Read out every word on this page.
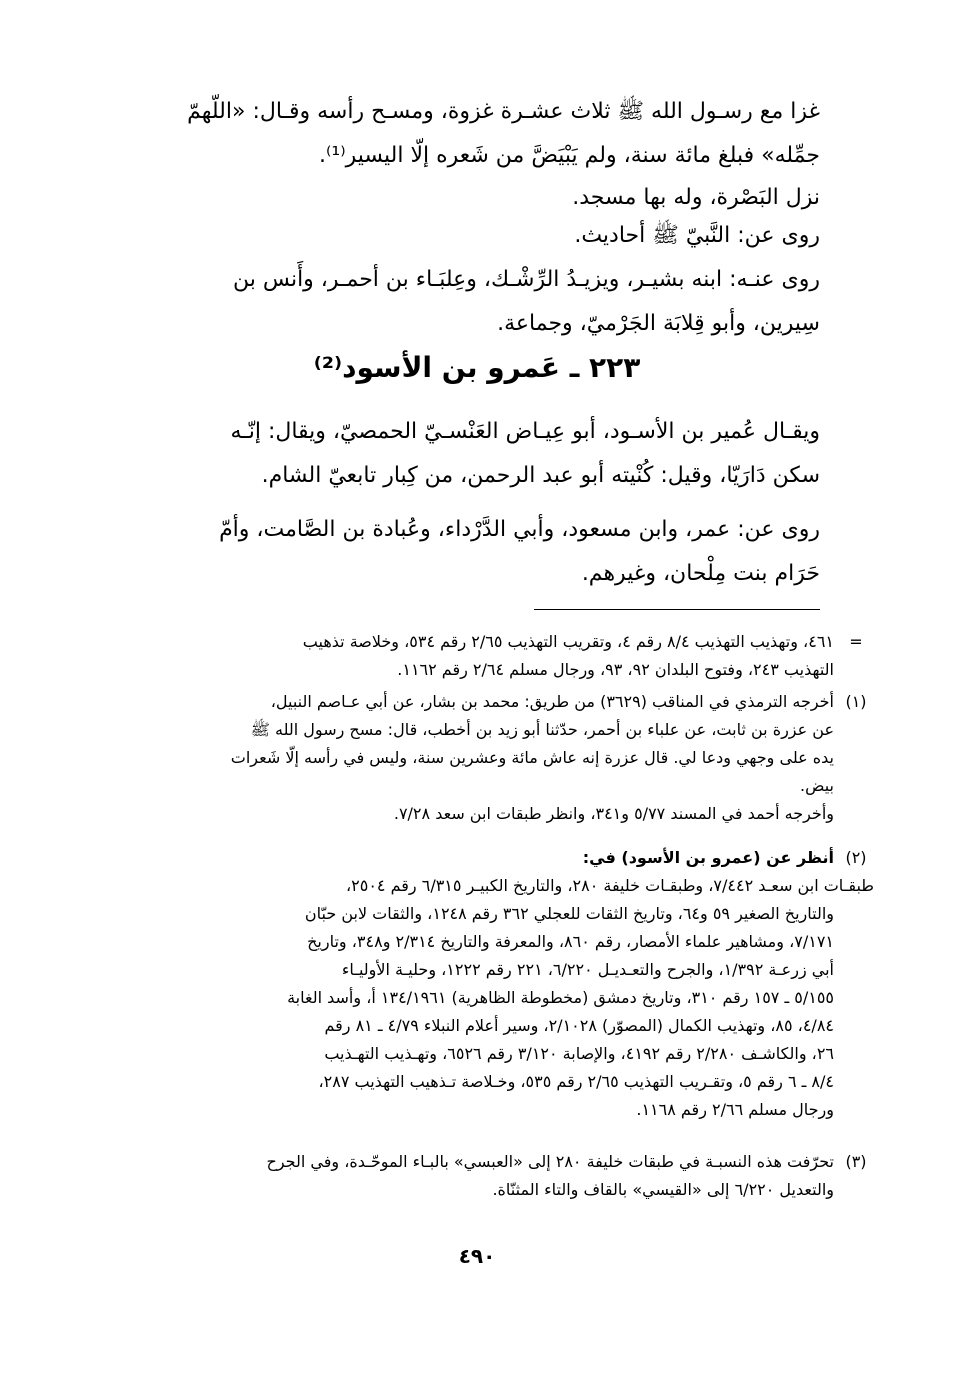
غزا مع رسـول الله ﷺ ثلاث عشـرة غزوة، ومسـح رأسه وقـال: «اللّهمّ
جمِّله» فبلغ مائة سنة، ولم يَبْيَضَّ من شَعره إلّا اليسير⁽¹⁾.
نزل البَصْرة، وله بها مسجد.
روى عن: النَّبيّ ﷺ أحاديث.
روى عنـه: ابنه بشيـر، ويزيـدُ الرِّشْـك، وعِلبَـاء بن أحمـر، وأَنس بن
سِيرين، وأبو قِلابَة الجَرْميّ، وجماعة.
٢٢٣ ـ عَمرو بن الأسود⁽²⁾
ويقـال عُمير بن الأسـود، أبو عِيـاض العَنْسـيّ الحمصيّ، ويقال: إنّـه
سكن دَارَيّا، وقيل: كُنْيته أبو عبد الرحمن، من كِبار تابعيّ الشام.
روى عن: عمر، وابن مسعود، وأبي الدَّرْداء، وعُبادة بن الصَّامت، وأمّ
حَرَام بنت مِلْحان، وغيرهم.
=
٤٦١، وتهذيب التهذيب ٨/٤ رقم ٤، وتقريب التهذيب ٢/٦٥ رقم ٥٣٤، وخلاصة تذهيب
التهذيب ٢٤٣، وفتوح البلدان ٩٢، ٩٣، ورجال مسلم ٢/٦٤ رقم ١١٦٢.
(١)
أخرجه الترمذي في المناقب (٣٦٢٩) من طريق: محمد بن بشار، عن أبي عـاصم النبيل،
عن عزرة بن ثابت، عن علباء بن أحمر، حدّثنا أبو زيد بن أخطب، قال: مسح رسول الله ﷺ
يده على وجهي ودعا لي. قال عزرة إنه عاش مائة وعشرين سنة، وليس في رأسه إلّا شَعرات
بيض.
وأخرجه أحمد في المسند ٥/٧٧ و٣٤١، وانظر طبقات ابن سعد ٧/٢٨.
(٢)
أنظر عن (عمرو بن الأسود) في:
طبقـات ابن سعـد ٧/٤٤٢، وطبقـات خليفة ٢٨٠، والتاريخ الكبيـر ٦/٣١٥ رقم ٢٥٠٤،
والتاريخ الصغير ٥٩ و٦٤، وتاريخ الثقات للعجلي ٣٦٢ رقم ١٢٤٨، والثقات لابن حبّان
٧/١٧١، ومشاهير علماء الأمصار، رقم ٨٦٠، والمعرفة والتاريخ ٢/٣١٤ و٣٤٨، وتاريخ
أبي زرعـة ١/٣٩٢، والجرح والتعـديـل ٦/٢٢٠، ٢٢١ رقم ١٢٢٢، وحليـة الأوليـاء
٥/١٥٥ ـ ١٥٧ رقم ٣١٠، وتاريخ دمشق (مخطوطة الظاهرية) ١٣٤/١٩٦١ أ، وأسد الغابة
٤/٨٤، ٨٥، وتهذيب الكمال (المصوّر) ٢/١٠٢٨، وسير أعلام النبلاء ٤/٧٩ ـ ٨١ رقم
٢٦، والكاشـف ٢/٢٨٠ رقم ٤١٩٢، والإصابة ٣/١٢٠ رقم ٦٥٢٦، وتهـذيب التهـذيب
٨/٤ ـ ٦ رقم ٥، وتقـريب التهذيب ٢/٦٥ رقم ٥٣٥، وخـلاصة تـذهيب التهذيب ٢٨٧،
ورجال مسلم ٢/٦٦ رقم ١١٦٨.
(٣)
تحرّفت هذه النسبـة في طبقات خليفة ٢٨٠ إلى «العبسي» بالبـاء الموحّـدة، وفي الجرح
والتعديل ٦/٢٢٠ إلى «القيسي» بالقاف والتاء المثنّاة.
٤٩٠
